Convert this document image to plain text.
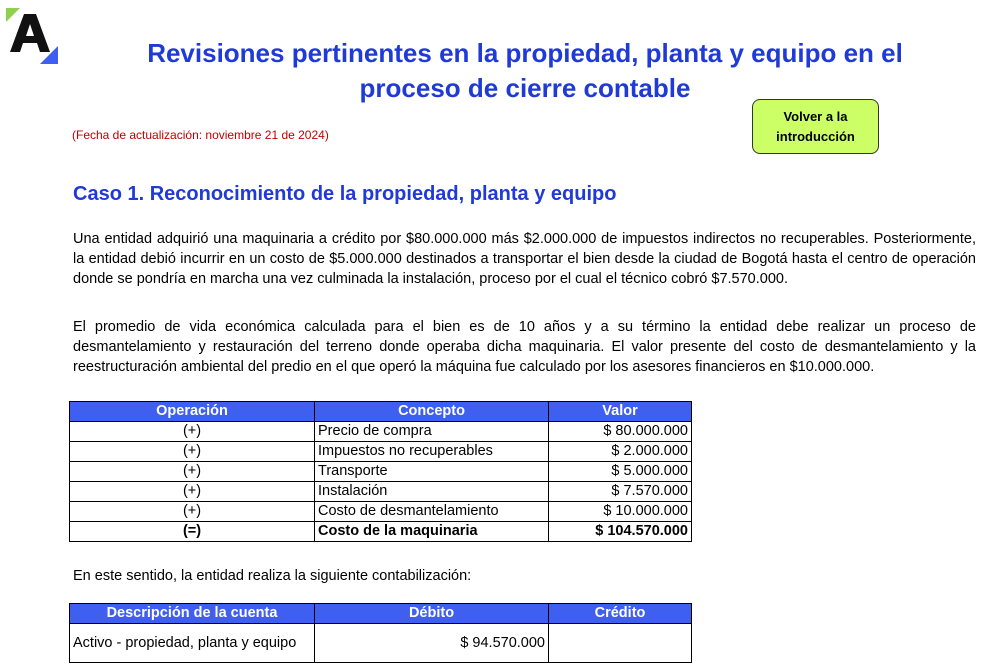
Revisiones pertinentes en la propiedad, planta y equipo en el proceso de cierre contable
(Fecha de actualización: noviembre 21 de 2024)
Volver a la
introducción
Caso 1. Reconocimiento de la propiedad, planta y equipo

Una entidad adquirió una maquinaria a crédito por $80.000.000 más $2.000.000 de impuestos indirectos no recuperables. Posteriormente, la entidad debió incurrir en un costo de $5.000.000 destinados a transportar el bien desde la ciudad de Bogotá hasta el centro de operación donde se pondría en marcha una vez culminada la instalación, proceso por el cual el técnico cobró $7.570.000.

El promedio de vida económica calculada para el bien es de 10 años y a su término la entidad debe realizar un proceso de desmantelamiento y restauración del terreno donde operaba dicha maquinaria. El valor presente del costo de desmantelamiento y la reestructuración ambiental del predio en el que operó la máquina fue calculado por los asesores financieros en $10.000.000.

Operación	Concepto	Valor
(+)	Precio de compra	$ 80.000.000
(+)	Impuestos no recuperables	$ 2.000.000
(+)	Transporte	$ 5.000.000
(+)	Instalación	$ 7.570.000
(+)	Costo de desmantelamiento	$ 10.000.000
(=)	Costo de la maquinaria	$ 104.570.000

En este sentido, la entidad realiza la siguiente contabilización:

Descripción de la cuenta	Débito	Crédito
Activo - propiedad, planta y equipo	$ 94.570.000	
